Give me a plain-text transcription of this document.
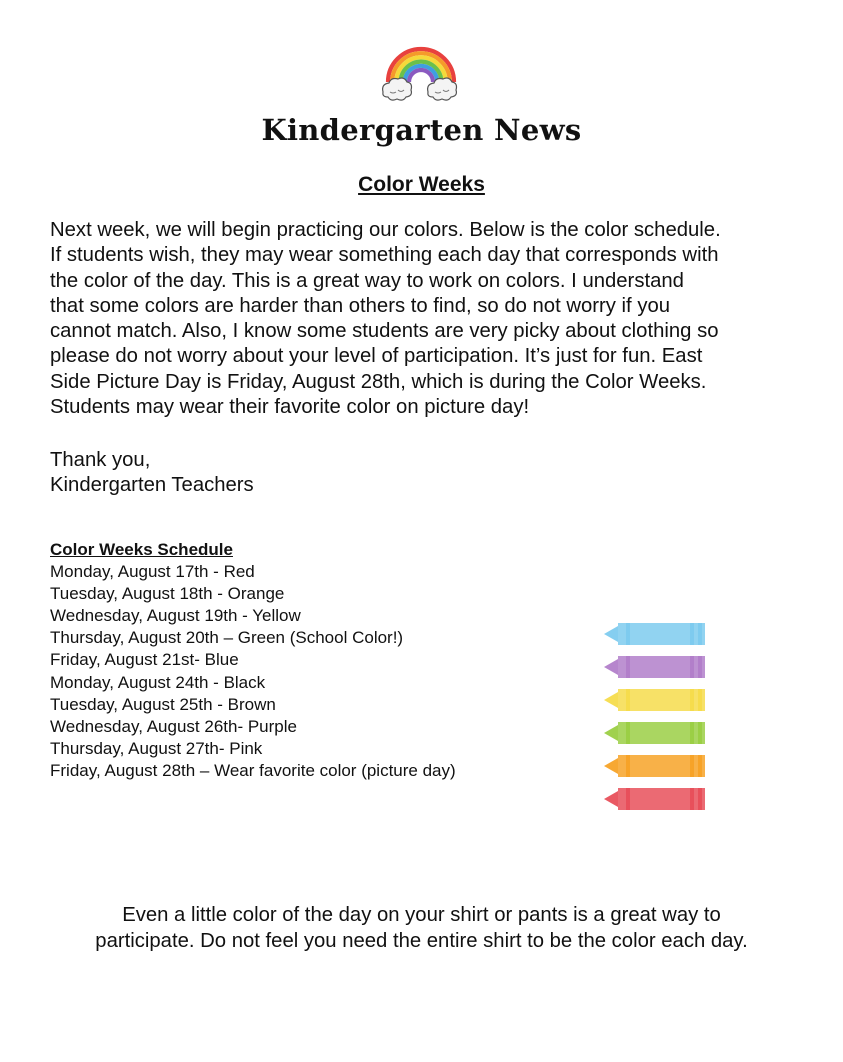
Kindergarten News
Color Weeks
Next week, we will begin practicing our colors. Below is the color schedule.
If students wish, they may wear something each day that corresponds with
the color of the day. This is a great way to work on colors. I understand
that some colors are harder than others to find, so do not worry if you
cannot match. Also, I know some students are very picky about clothing so
please do not worry about your level of participation. It’s just for fun. East
Side Picture Day is Friday, August 28th, which is during the Color Weeks.
Students may wear their favorite color on picture day!
Thank you,
Kindergarten Teachers
Color Weeks Schedule
Monday, August 17th - Red
Tuesday, August 18th - Orange
Wednesday, August 19th - Yellow
Thursday, August 20th – Green (School Color!)
Friday, August 21st- Blue
Monday, August 24th - Black
Tuesday, August 25th - Brown
Wednesday, August 26th- Purple
Thursday, August 27th- Pink
Friday, August 28th – Wear favorite color (picture day)
Even a little color of the day on your shirt or pants is a great way to
participate. Do not feel you need the entire shirt to be the color each day.
